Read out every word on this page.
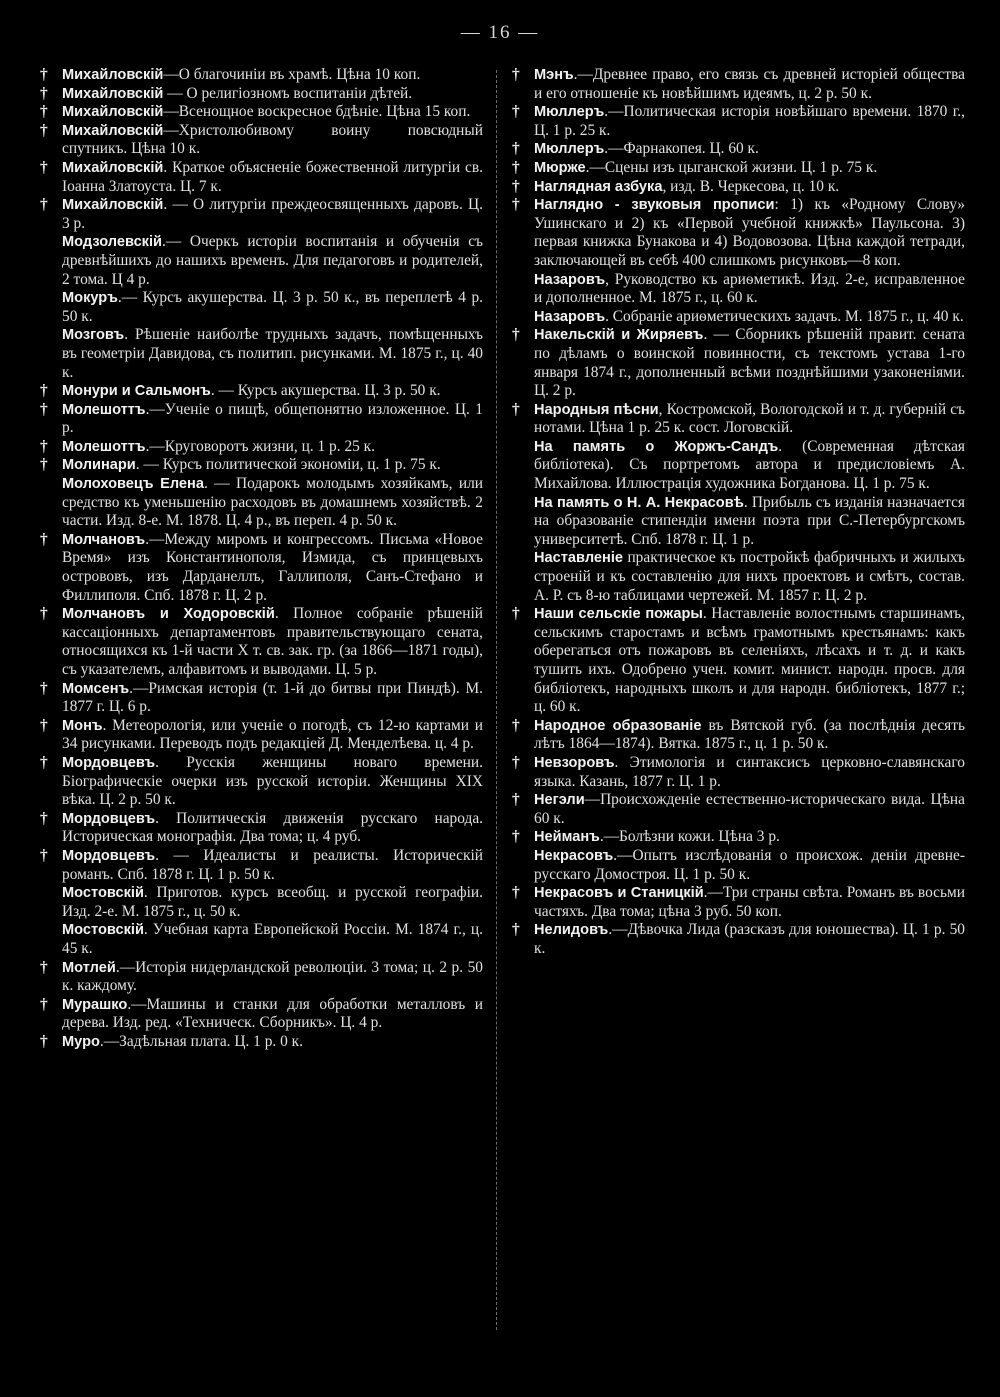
— 16 —

† Михайловскій—О благочиніи въ храмѣ. Цѣна 10 коп.

† Михайловскій — О религіозномъ воспитаніи дѣтей.

† Михайловскій—Всенощное воскресное бдѣніе. Цѣна 15 коп.

† Михайловскій—Христолюбивому воину повсюдный спутникъ. Цѣна 10 к.

† Михайловскій. Краткое объясненіе божественной литургіи св. Іоанна Златоуста. Ц. 7 к.

† Михайловскій. — О литургіи преждеосвященныхъ даровъ. Ц. 3 р.

Модзолевскій.— Очеркъ исторіи воспитанія и обученія съ древнѣйшихъ до нашихъ временъ. Для педагоговъ и родителей, 2 тома. Ц 4 р.

Мокуръ.— Курсъ акушерства. Ц. 3 р. 50 к., въ переплетѣ 4 р. 50 к.

Мозговъ. Рѣшеніе наиболѣе трудныхъ задачъ, помѣщенныхъ въ геометріи Давидова, съ политип. рисунками. М. 1875 г., ц. 40 к.

† Монури и Сальмонъ. — Курсъ акушерства. Ц. 3 р. 50 к.

† Молешоттъ.—Ученіе о пищѣ, общепонятно изложенное. Ц. 1 р.

† Молешоттъ.—Круговоротъ жизни, ц. 1 р. 25 к.

† Молинари. — Курсъ политической экономіи, ц. 1 р. 75 к.

Молоховецъ Елена. — Подарокъ молодымъ хозяйкамъ, или средство къ уменьшенію расходовъ въ домашнемъ хозяйствѣ. 2 части. Изд. 8-е. М. 1878. Ц. 4 р., въ переп. 4 р. 50 к.

† Молчановъ.—Между миромъ и конгрессомъ. Письма «Новое Время» изъ Константинополя, Измида, съ принцевыхъ острововъ, изъ Дарданеллъ, Галлиполя, Санъ-Стефано и Филлиполя. Спб. 1878 г. Ц. 2 р.

† Молчановъ и Ходоровскій. Полное собраніе рѣшеній кассаціонныхъ департаментовъ правительствующаго сената, относящихся къ 1-й части X т. св. зак. гр. (за 1866—1871 годы), съ указателемъ, алфавитомъ и выводами. Ц. 5 р.

† Момсенъ.—Римская исторія (т. 1-й до битвы при Пиндѣ). М. 1877 г. Ц. 6 р.

† Монъ. Метеорологія, или ученіе о погодѣ, съ 12-ю картами и 34 рисунками. Переводъ подъ редакціей Д. Менделѣева. ц. 4 р.

† Мордовцевъ. Русскія женщины новаго времени. Біографическіе очерки изъ русской исторіи. Женщины XIX вѣка. Ц. 2 р. 50 к.

† Мордовцевъ. Политическія движенія русскаго народа. Историческая монографія. Два тома; ц. 4 руб.

† Мордовцевъ. — Идеалисты и реалисты. Историческій романъ. Спб. 1878 г. Ц. 1 р. 50 к.

Мостовскій. Приготов. курсъ всеобщ. и русской географіи. Изд. 2-е. М. 1875 г., ц. 50 к.

Мостовскій. Учебная карта Европейской Россіи. М. 1874 г., ц. 45 к.

† Мотлей.—Исторія нидерландской революціи. 3 тома; ц. 2 р. 50 к. каждому.

† Мурашко.—Машины и станки для обработки металловъ и дерева. Изд. ред. «Техническ. Сборникъ». Ц. 4 р.

† Муро.—Задѣльная плата. Ц. 1 р. 0 к.

† Мэнъ.—Древнее право, его связь съ древней исторіей общества и его отношеніе къ новѣйшимъ идеямъ, ц. 2 р. 50 к.

† Мюллеръ.—Политическая исторія новѣйшаго времени. 1870 г., Ц. 1 р. 25 к.

† Мюллеръ.—Фарнакопея. Ц. 60 к.

† Мюрже.—Сцены изъ цыганской жизни. Ц. 1 р. 75 к.

† Наглядная азбука, изд. В. Черкесова, ц. 10 к.

† Наглядно - звуковыя прописи: 1) къ «Родному Слову» Ушинскаго и 2) къ «Первой учебной книжкѣ» Паульсона. 3) первая книжка Бунакова и 4) Водовозова. Цѣна каждой тетради, заключающей въ себѣ 400 слишкомъ рисунковъ—8 коп.

Назаровъ, Руководство къ ариѳметикѣ. Изд. 2-е, исправленное и дополненное. М. 1875 г., ц. 60 к.

Назаровъ. Собраніе ариѳметическихъ задачъ. М. 1875 г., ц. 40 к.

† Накельскій и Жиряевъ. — Сборникъ рѣшеній правит. сената по дѣламъ о воинской повинности, съ текстомъ устава 1-го января 1874 г., дополненный всѣми позднѣйшими узаконеніями. Ц. 2 р.

† Народныя пѣсни, Костромской, Вологодской и т. д. губерній съ нотами. Цѣна 1 р. 25 к. сост. Логовскій.

На память о Жоржъ-Сандъ. (Современная дѣтская библіотека). Съ портретомъ автора и предисловіемъ А. Михайлова. Иллюстрація художника Богданова. Ц. 1 р. 75 к.

На память о Н. А. Некрасовѣ. Прибыль съ изданія назначается на образованіе стипендіи имени поэта при С.-Петербургскомъ университетѣ. Спб. 1878 г. Ц. 1 р.

Наставленіе практическое къ постройкѣ фабричныхъ и жилыхъ строеній и къ составленію для нихъ проектовъ и смѣтъ, состав. А. Р. съ 8-ю таблицами чертежей. М. 1857 г. Ц. 2 р.

† Наши сельскіе пожары. Наставленіе волостнымъ старшинамъ, сельскимъ старостамъ и всѣмъ грамотнымъ крестьянамъ: какъ оберегаться отъ пожаровъ въ селеніяхъ, лѣсахъ и т. д. и какъ тушить ихъ. Одобрено учен. комит. минист. народн. просв. для библіотекъ, народныхъ школъ и для народн. библіотекъ, 1877 г.; ц. 60 к.

† Народное образованіе въ Вятской губ. (за послѣднія десять лѣтъ 1864—1874). Вятка. 1875 г., ц. 1 р. 50 к.

† Невзоровъ. Этимологія и синтаксисъ церковно-славянскаго языка. Казань, 1877 г. Ц. 1 р.

† Негэли—Происхожденіе естественно-историческаго вида. Цѣна 60 к.

† Нейманъ.—Болѣзни кожи. Цѣна 3 р.

Некрасовъ.—Опытъ изслѣдованія о происхож. деніи древне-русскаго Домостроя. Ц. 1 р. 50 к.

† Некрасовъ и Станицкій.—Три страны свѣта. Романъ въ восьми частяхъ. Два тома; цѣна 3 руб. 50 коп.

† Нелидовъ.—Дѣвочка Лида (разсказъ для юношества). Ц. 1 р. 50 к.
